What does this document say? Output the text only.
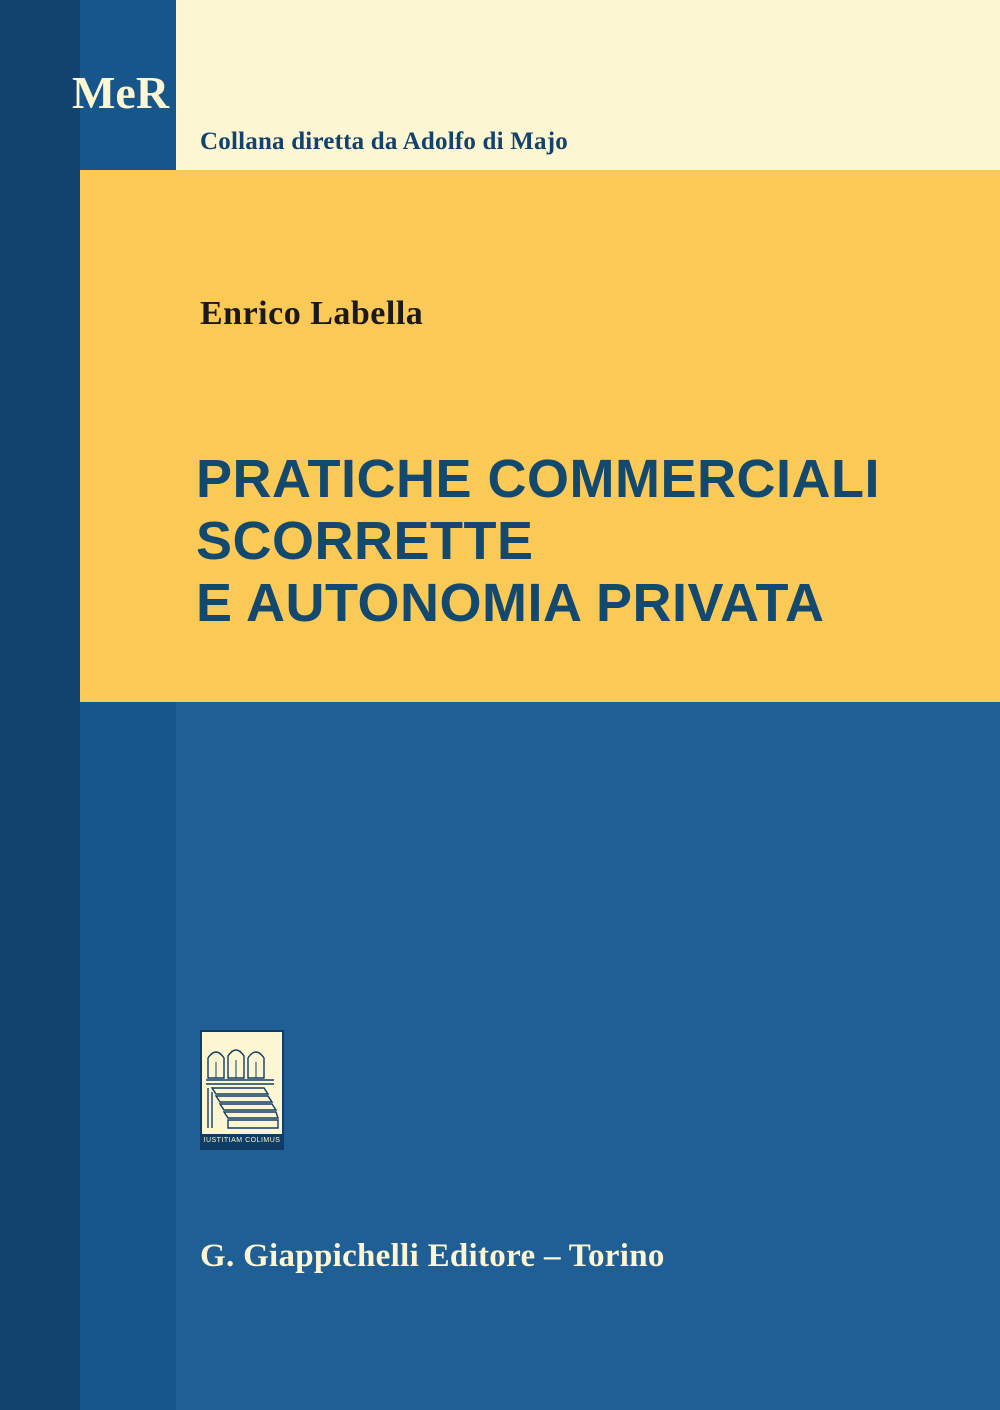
MeR
Collana diretta da Adolfo di Majo
Enrico Labella
PRATICHE COMMERCIALI
SCORRETTE
E AUTONOMIA PRIVATA
IUSTITIAM COLIMUS
G. Giappichelli Editore – Torino
